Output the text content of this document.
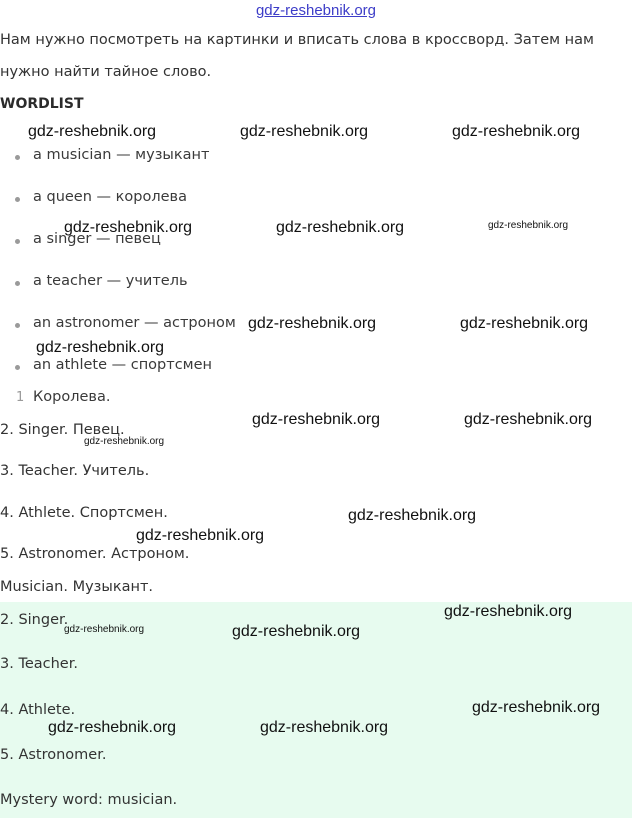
gdz-reshebnik.org
Нам нужно посмотреть на картинки и вписать слова в кроссворд. Затем нам
нужно найти тайное слово.
WORDLIST
a musician — музыкант
a queen — королева
a singer — певец
a teacher — учитель
an astronomer — астроном
an athlete — спортсмен
1 Королева.
2. Singer. Певец.
3. Teacher. Учитель.
4. Athlete. Спортсмен.
5. Astronomer. Астроном.
Musician. Музыкант.
2. Singer.
3. Teacher.
4. Athlete.
5. Astronomer.
Mystery word: musician.
gdz-reshebnik.org	gdz-reshebnik.org	gdz-reshebnik.org
gdz-reshebnik.org	gdz-reshebnik.org	gdz-reshebnik.org
gdz-reshebnik.org	gdz-reshebnik.org
gdz-reshebnik.org
gdz-reshebnik.org	gdz-reshebnik.org
gdz-reshebnik.org
gdz-reshebnik.org
gdz-reshebnik.org
gdz-reshebnik.org
gdz-reshebnik.org	gdz-reshebnik.org
gdz-reshebnik.org
gdz-reshebnik.org	gdz-reshebnik.org
